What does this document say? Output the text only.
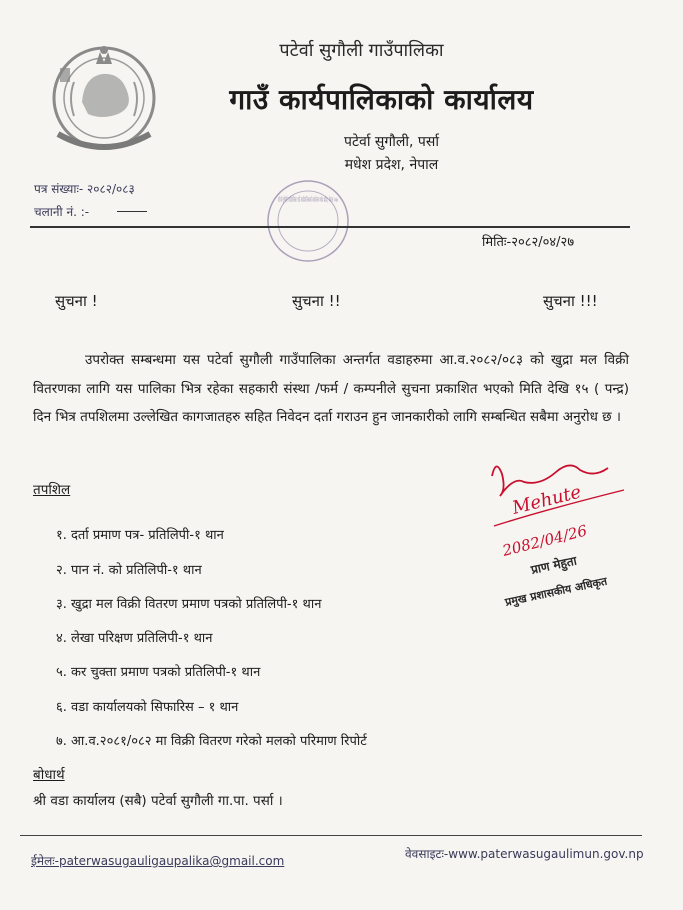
पटेर्वा सुगौली गाउँपालिका
गाउँ कार्यपालिकाको कार्यालय
पटेर्वा सुगौली, पर्सा
मधेश प्रदेश, नेपाल
पत्र संख्याः- २०८२/०८३
चलानी नं. :-
पटेर्वा सुगौली गाउँपालिका गाउँ कार्यपालिकाको कार्यालय मधेश प्रदेश, नेपाल २०७५
मितिः-२०८२/०४/२७
सुचना !	सुचना !!	सुचना !!!
उपरोक्त सम्बन्धमा यस पटेर्वा सुगौली गाउँपालिका अन्तर्गत वडाहरुमा आ.व.२०८२/०८३ को खुद्रा मल विक्री वितरणका लागि यस पालिका भित्र रहेका सहकारी संस्था /फर्म / कम्पनीले सुचना प्रकाशित भएको मिति देखि १५ ( पन्द्र) दिन भित्र तपशिलमा उल्लेखित कागजातहरु सहित निवेदन दर्ता गराउन हुन जानकारीको लागि सम्बन्धित सबैमा अनुरोध छ ।
तपशिल
१. दर्ता प्रमाण पत्र- प्रतिलिपी-१ थान
२. पान नं. को प्रतिलिपी-१ थान
३. खुद्रा मल विक्री वितरण प्रमाण पत्रको प्रतिलिपी-१ थान
४. लेखा परिक्षण प्रतिलिपी-१ थान
५. कर चुक्ता प्रमाण पत्रको प्रतिलिपी-१ थान
६. वडा कार्यालयको सिफारिस – १ थान
७. आ.व.२०८१/०८२ मा विक्री वितरण गरेको मलको परिमाण रिपोर्ट
Mehute
2082/04/26
प्राण मेहुता
प्रमुख प्रशासकीय अधिकृत
बोधार्थ
श्री वडा कार्यालय (सबै) पटेर्वा सुगौली गा.पा. पर्सा ।
ईमेलः-paterwasugauligaupalika@gmail.com	वेवसाइटः-www.paterwasugaulimun.gov.np
